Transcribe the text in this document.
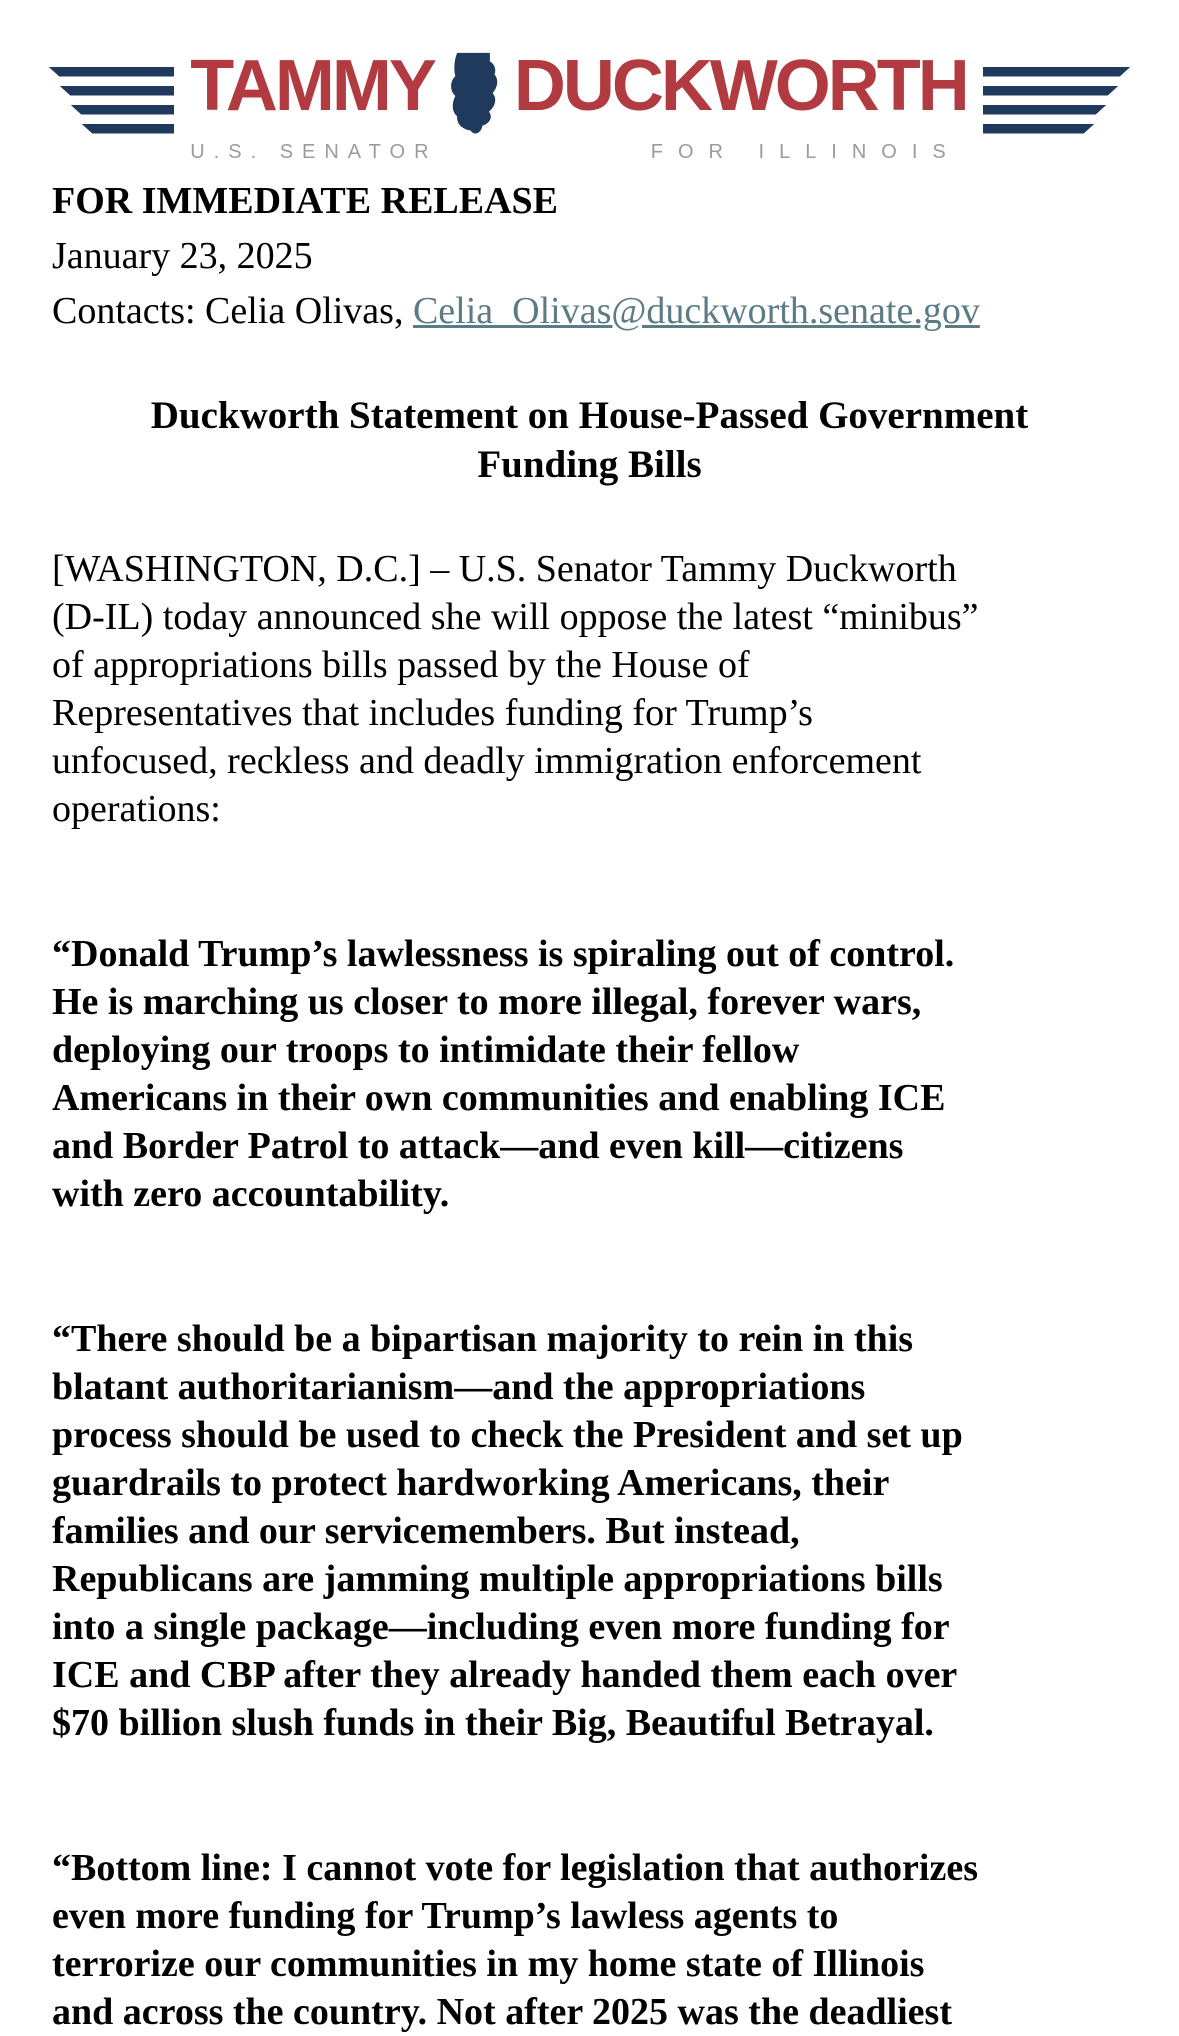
TAMMY DUCKWORTH
U.S. SENATOR	FOR ILLINOIS
FOR IMMEDIATE RELEASE
January 23, 2025
Contacts: Celia Olivas, Celia_Olivas@duckworth.senate.gov
Duckworth Statement on House-Passed Government
Funding Bills
[WASHINGTON, D.C.] – U.S. Senator Tammy Duckworth
(D-IL) today announced she will oppose the latest “minibus”
of appropriations bills passed by the House of
Representatives that includes funding for Trump’s
unfocused, reckless and deadly immigration enforcement
operations:
“Donald Trump’s lawlessness is spiraling out of control.
He is marching us closer to more illegal, forever wars,
deploying our troops to intimidate their fellow
Americans in their own communities and enabling ICE
and Border Patrol to attack—and even kill—citizens
with zero accountability.
“There should be a bipartisan majority to rein in this
blatant authoritarianism—and the appropriations
process should be used to check the President and set up
guardrails to protect hardworking Americans, their
families and our servicemembers. But instead,
Republicans are jamming multiple appropriations bills
into a single package—including even more funding for
ICE and CBP after they already handed them each over
$70 billion slush funds in their Big, Beautiful Betrayal.
“Bottom line: I cannot vote for legislation that authorizes
even more funding for Trump’s lawless agents to
terrorize our communities in my home state of Illinois
and across the country. Not after 2025 was the deadliest
